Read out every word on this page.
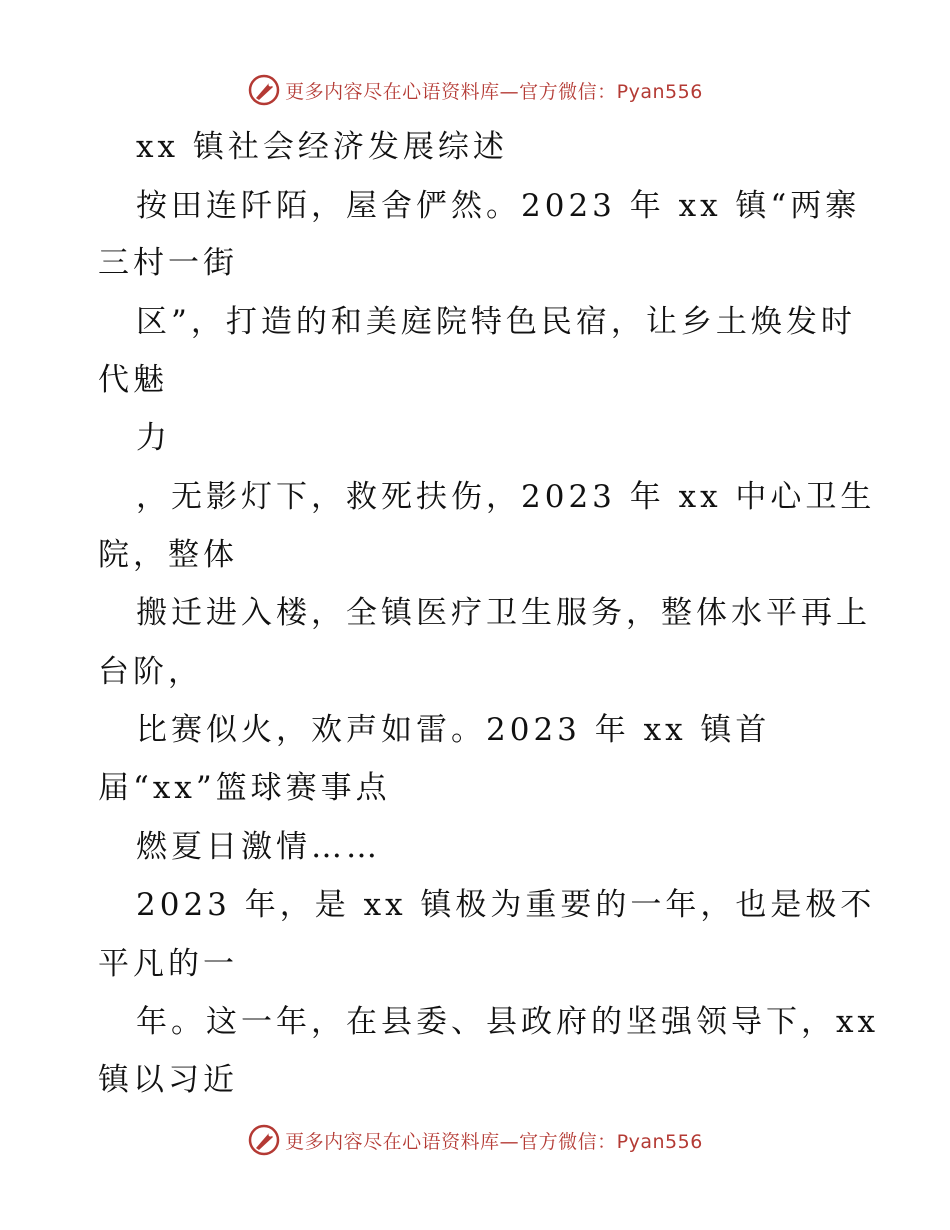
更多内容尽在心语资料库—官方微信：Pyan556
xx 镇社会经济发展综述
按田连阡陌，屋舍俨然。2023 年 xx 镇“两寨
三村一街
区”，打造的和美庭院特色民宿，让乡土焕发时
代魅
力
，无影灯下，救死扶伤，2023 年 xx 中心卫生
院，整体
搬迁进入楼，全镇医疗卫生服务，整体水平再上
台阶，
比赛似火，欢声如雷。2023 年 xx 镇首
届“xx”篮球赛事点
燃夏日激情……
2023 年，是 xx 镇极为重要的一年，也是极不
平凡的一
年。这一年，在县委、县政府的坚强领导下，xx
镇以习近
更多内容尽在心语资料库—官方微信：Pyan556
